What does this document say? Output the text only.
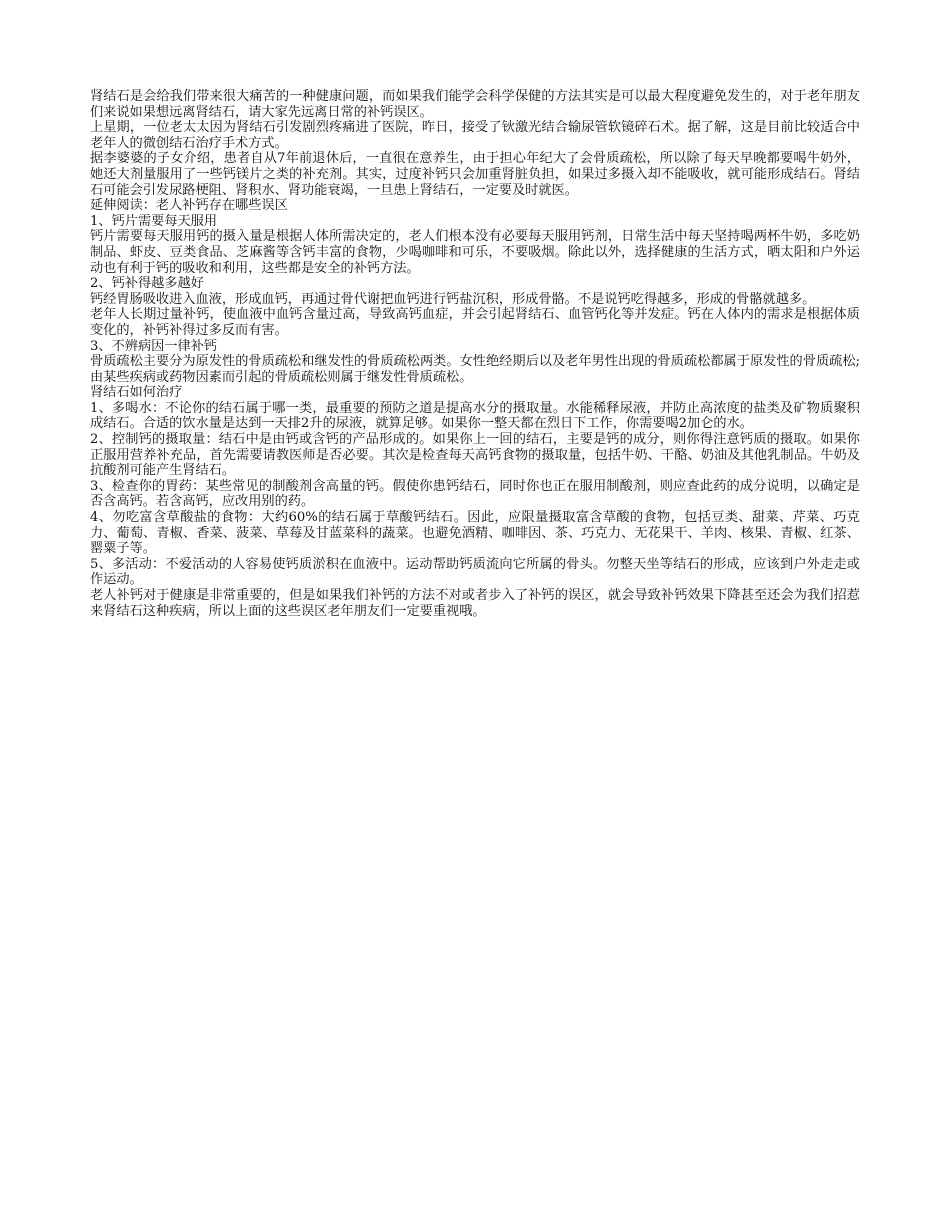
肾结石是会给我们带来很大痛苦的一种健康问题，而如果我们能学会科学保健的方法其实是可以最大程度避免发生的，对于老年朋友们来说如果想远离肾结石，请大家先远离日常的补钙误区。

上星期，一位老太太因为肾结石引发剧烈疼痛进了医院，昨日，接受了钬激光结合输尿管软镜碎石术。据了解，这是目前比较适合中老年人的微创结石治疗手术方式。

据李婆婆的子女介绍，患者自从7年前退休后，一直很在意养生，由于担心年纪大了会骨质疏松，所以除了每天早晚都要喝牛奶外，她还大剂量服用了一些钙镁片之类的补充剂。其实，过度补钙只会加重肾脏负担，如果过多摄入却不能吸收，就可能形成结石。肾结石可能会引发尿路梗阻、肾积水、肾功能衰竭，一旦患上肾结石，一定要及时就医。

延伸阅读：老人补钙存在哪些误区

1、钙片需要每天服用

钙片需要每天服用钙的摄入量是根据人体所需决定的，老人们根本没有必要每天服用钙剂，日常生活中每天坚持喝两杯牛奶，多吃奶制品、虾皮、豆类食品、芝麻酱等含钙丰富的食物，少喝咖啡和可乐，不要吸烟。除此以外，选择健康的生活方式，晒太阳和户外运动也有利于钙的吸收和利用，这些都是安全的补钙方法。

2、钙补得越多越好

钙经胃肠吸收进入血液，形成血钙，再通过骨代谢把血钙进行钙盐沉积，形成骨骼。不是说钙吃得越多，形成的骨骼就越多。

老年人长期过量补钙，使血液中血钙含量过高，导致高钙血症，并会引起肾结石、血管钙化等并发症。钙在人体内的需求是根据体质变化的，补钙补得过多反而有害。

3、不辨病因一律补钙

骨质疏松主要分为原发性的骨质疏松和继发性的骨质疏松两类。女性绝经期后以及老年男性出现的骨质疏松都属于原发性的骨质疏松;由某些疾病或药物因素而引起的骨质疏松则属于继发性骨质疏松。

肾结石如何治疗

1、多喝水：不论你的结石属于哪一类，最重要的预防之道是提高水分的摄取量。水能稀释尿液，并防止高浓度的盐类及矿物质聚积成结石。合适的饮水量是达到一天排2升的尿液，就算足够。如果你一整天都在烈日下工作，你需要喝2加仑的水。

2、控制钙的摄取量：结石中是由钙或含钙的产品形成的。如果你上一回的结石，主要是钙的成分，则你得注意钙质的摄取。如果你正服用营养补充品，首先需要请教医师是否必要。其次是检查每天高钙食物的摄取量，包括牛奶、干酪、奶油及其他乳制品。牛奶及抗酸剂可能产生肾结石。

3、检查你的胃药：某些常见的制酸剂含高量的钙。假使你患钙结石，同时你也正在服用制酸剂，则应查此药的成分说明，以确定是否含高钙。若含高钙，应改用别的药。

4、勿吃富含草酸盐的食物：大约60%的结石属于草酸钙结石。因此，应限量摄取富含草酸的食物，包括豆类、甜菜、芹菜、巧克力、葡萄、青椒、香菜、菠菜、草莓及甘蓝菜科的蔬菜。也避免酒精、咖啡因、茶、巧克力、无花果干、羊肉、核果、青椒、红茶、罂粟子等。

5、多活动：不爱活动的人容易使钙质淤积在血液中。运动帮助钙质流向它所属的骨头。勿整天坐等结石的形成，应该到户外走走或作运动。

老人补钙对于健康是非常重要的，但是如果我们补钙的方法不对或者步入了补钙的误区，就会导致补钙效果下降甚至还会为我们招惹来肾结石这种疾病，所以上面的这些误区老年朋友们一定要重视哦。
